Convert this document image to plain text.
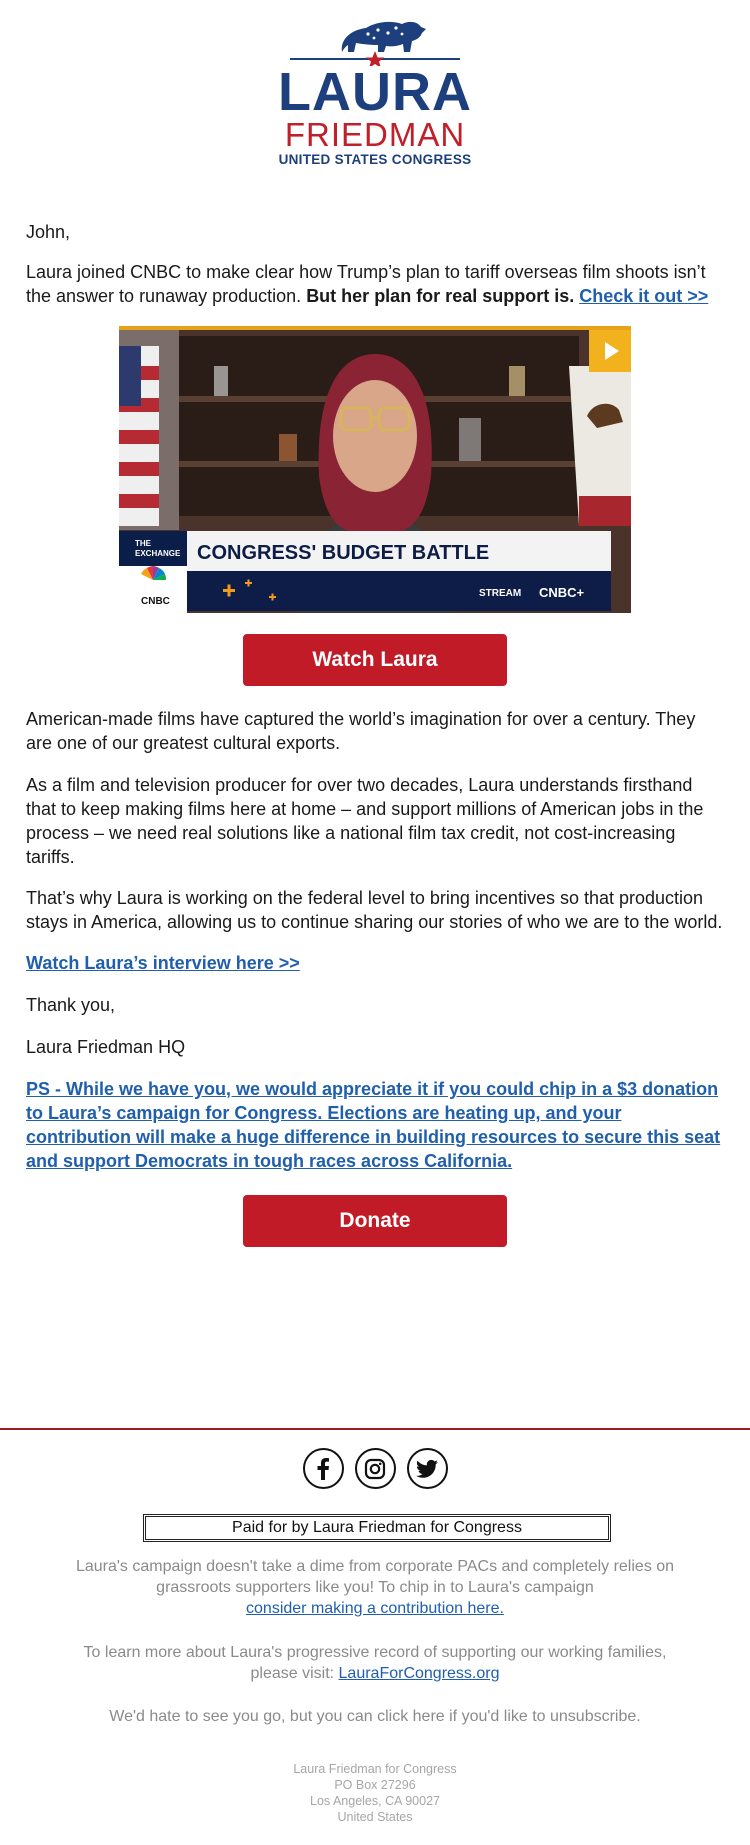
LAURA
FRIEDMAN
UNITED STATES CONGRESS

John,

Laura joined CNBC to make clear how Trump’s plan to tariff overseas film shoots isn’t the answer to runaway production. But her plan for real support is. Check it out >>

THE
EXCHANGE CONGRESS' BUDGET BATTLE
CNBC
STREAM CNBC+
Watch Laura

American-made films have captured the world’s imagination for over a century. They are one of our greatest cultural exports.

As a film and television producer for over two decades, Laura understands firsthand that to keep making films here at home – and support millions of American jobs in the process – we need real solutions like a national film tax credit, not cost-increasing tariffs.

That’s why Laura is working on the federal level to bring incentives so that production stays in America, allowing us to continue sharing our stories of who we are to the world.

Watch Laura’s interview here >>

Thank you,

Laura Friedman HQ

PS - While we have you, we would appreciate it if you could chip in a $3 donation to Laura’s campaign for Congress. Elections are heating up, and your contribution will make a huge difference in building resources to secure this seat and support Democrats in tough races across California.
Donate
Paid for by Laura Friedman for Congress
Laura's campaign doesn't take a dime from corporate PACs and completely relies on grassroots supporters like you! To chip in to Laura's campaign
consider making a contribution here.
To learn more about Laura's progressive record of supporting our working families, please visit: LauraForCongress.org
We'd hate to see you go, but you can click here if you'd like to unsubscribe.
Laura Friedman for Congress
PO Box 27296
Los Angeles, CA 90027
United States
